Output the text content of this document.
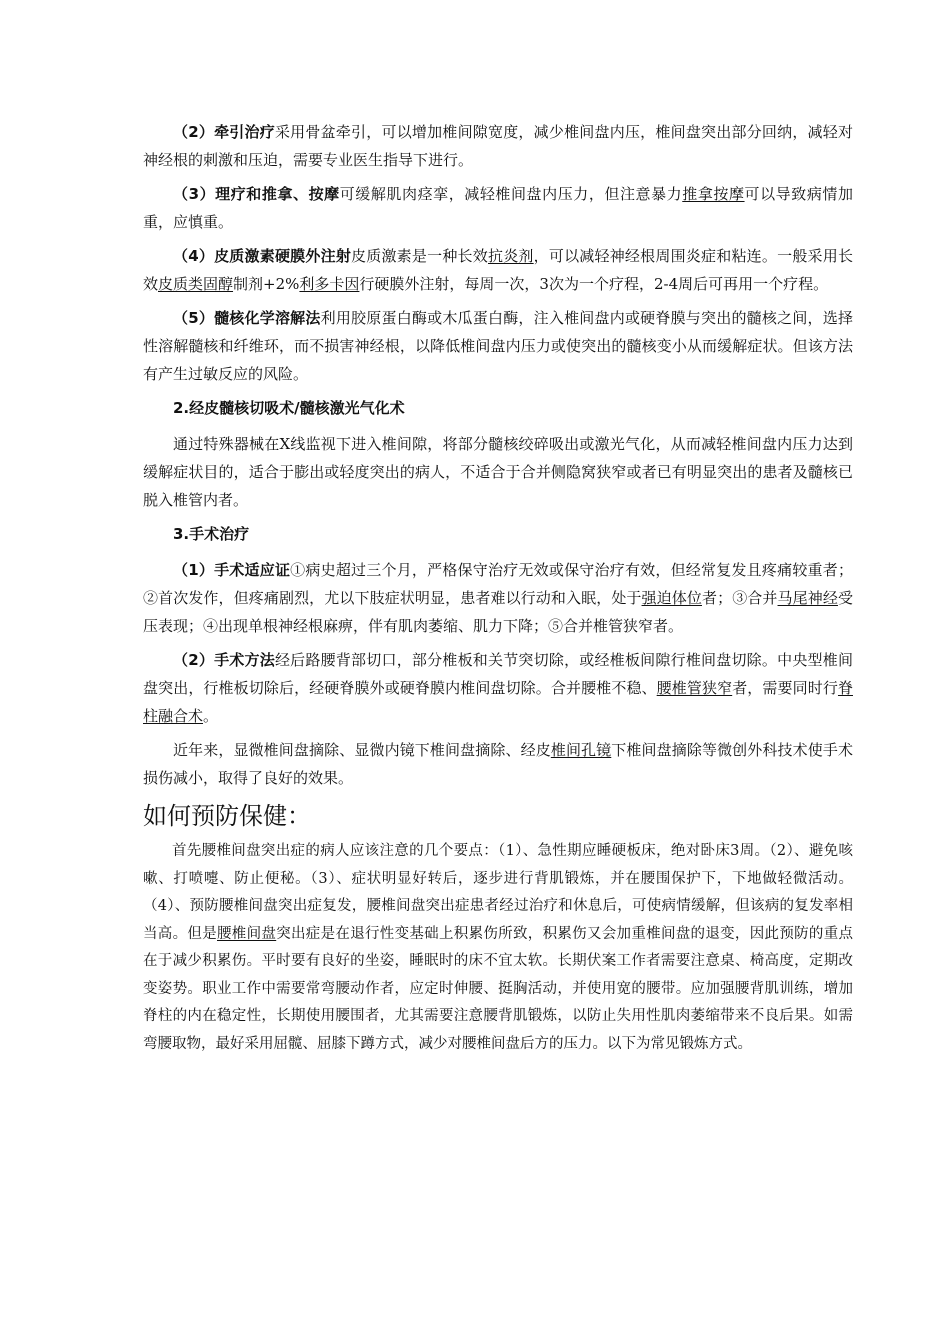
（2）牵引治疗采用骨盆牵引，可以增加椎间隙宽度，减少椎间盘内压，椎间盘突出部分回纳，减轻对神经根的刺激和压迫，需要专业医生指导下进行。

（3）理疗和推拿、按摩可缓解肌肉痉挛，减轻椎间盘内压力，但注意暴力推拿按摩可以导致病情加重，应慎重。

（4）皮质激素硬膜外注射皮质激素是一种长效抗炎剂，可以减轻神经根周围炎症和粘连。一般采用长效皮质类固醇制剂+2%利多卡因行硬膜外注射，每周一次，3次为一个疗程，2-4周后可再用一个疗程。

（5）髓核化学溶解法利用胶原蛋白酶或木瓜蛋白酶，注入椎间盘内或硬脊膜与突出的髓核之间，选择性溶解髓核和纤维环，而不损害神经根，以降低椎间盘内压力或使突出的髓核变小从而缓解症状。但该方法有产生过敏反应的风险。

2.经皮髓核切吸术/髓核激光气化术

通过特殊器械在X线监视下进入椎间隙，将部分髓核绞碎吸出或激光气化，从而减轻椎间盘内压力达到缓解症状目的，适合于膨出或轻度突出的病人，不适合于合并侧隐窝狭窄或者已有明显突出的患者及髓核已脱入椎管内者。

3.手术治疗

（1）手术适应证①病史超过三个月，严格保守治疗无效或保守治疗有效，但经常复发且疼痛较重者；②首次发作，但疼痛剧烈，尤以下肢症状明显，患者难以行动和入眠，处于强迫体位者；③合并马尾神经受压表现；④出现单根神经根麻痹，伴有肌肉萎缩、肌力下降；⑤合并椎管狭窄者。

（2）手术方法经后路腰背部切口，部分椎板和关节突切除，或经椎板间隙行椎间盘切除。中央型椎间盘突出，行椎板切除后，经硬脊膜外或硬脊膜内椎间盘切除。合并腰椎不稳、腰椎管狭窄者，需要同时行脊柱融合术。

近年来，显微椎间盘摘除、显微内镜下椎间盘摘除、经皮椎间孔镜下椎间盘摘除等微创外科技术使手术损伤减小，取得了良好的效果。

如何预防保健：

首先腰椎间盘突出症的病人应该注意的几个要点：（1）、急性期应睡硬板床，绝对卧床3周。（2）、避免咳嗽、打喷嚏、防止便秘。（3）、症状明显好转后，逐步进行背肌锻炼，并在腰围保护下，下地做轻微活动。（4）、预防腰椎间盘突出症复发，腰椎间盘突出症患者经过治疗和休息后，可使病情缓解，但该病的复发率相当高。但是腰椎间盘突出症是在退行性变基础上积累伤所致，积累伤又会加重椎间盘的退变，因此预防的重点在于减少积累伤。平时要有良好的坐姿，睡眠时的床不宜太软。长期伏案工作者需要注意桌、椅高度，定期改变姿势。职业工作中需要常弯腰动作者，应定时伸腰、挺胸活动，并使用宽的腰带。应加强腰背肌训练，增加脊柱的内在稳定性，长期使用腰围者，尤其需要注意腰背肌锻炼，以防止失用性肌肉萎缩带来不良后果。如需弯腰取物，最好采用屈髋、屈膝下蹲方式，减少对腰椎间盘后方的压力。以下为常见锻炼方式。
